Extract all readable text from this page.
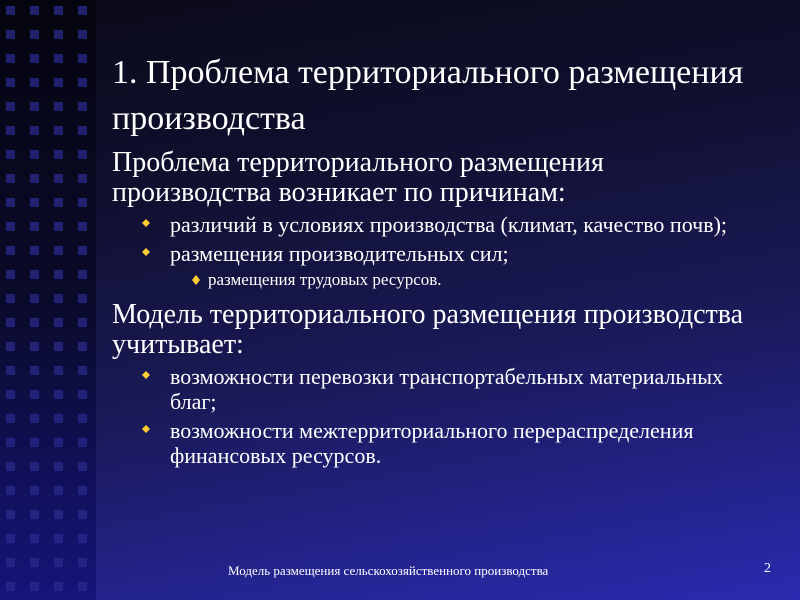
1. Проблема территориального размещения производства
Проблема территориального размещения производства возникает по причинам:
различий в условиях производства (климат, качество почв);
размещения производительных сил;
размещения трудовых ресурсов.
Модель территориального размещения производства учитывает:
возможности перевозки транспортабельных материальных благ;
возможности межтерриториального перераспределения финансовых ресурсов.
Модель размещения сельскохозяйственного производства	2
